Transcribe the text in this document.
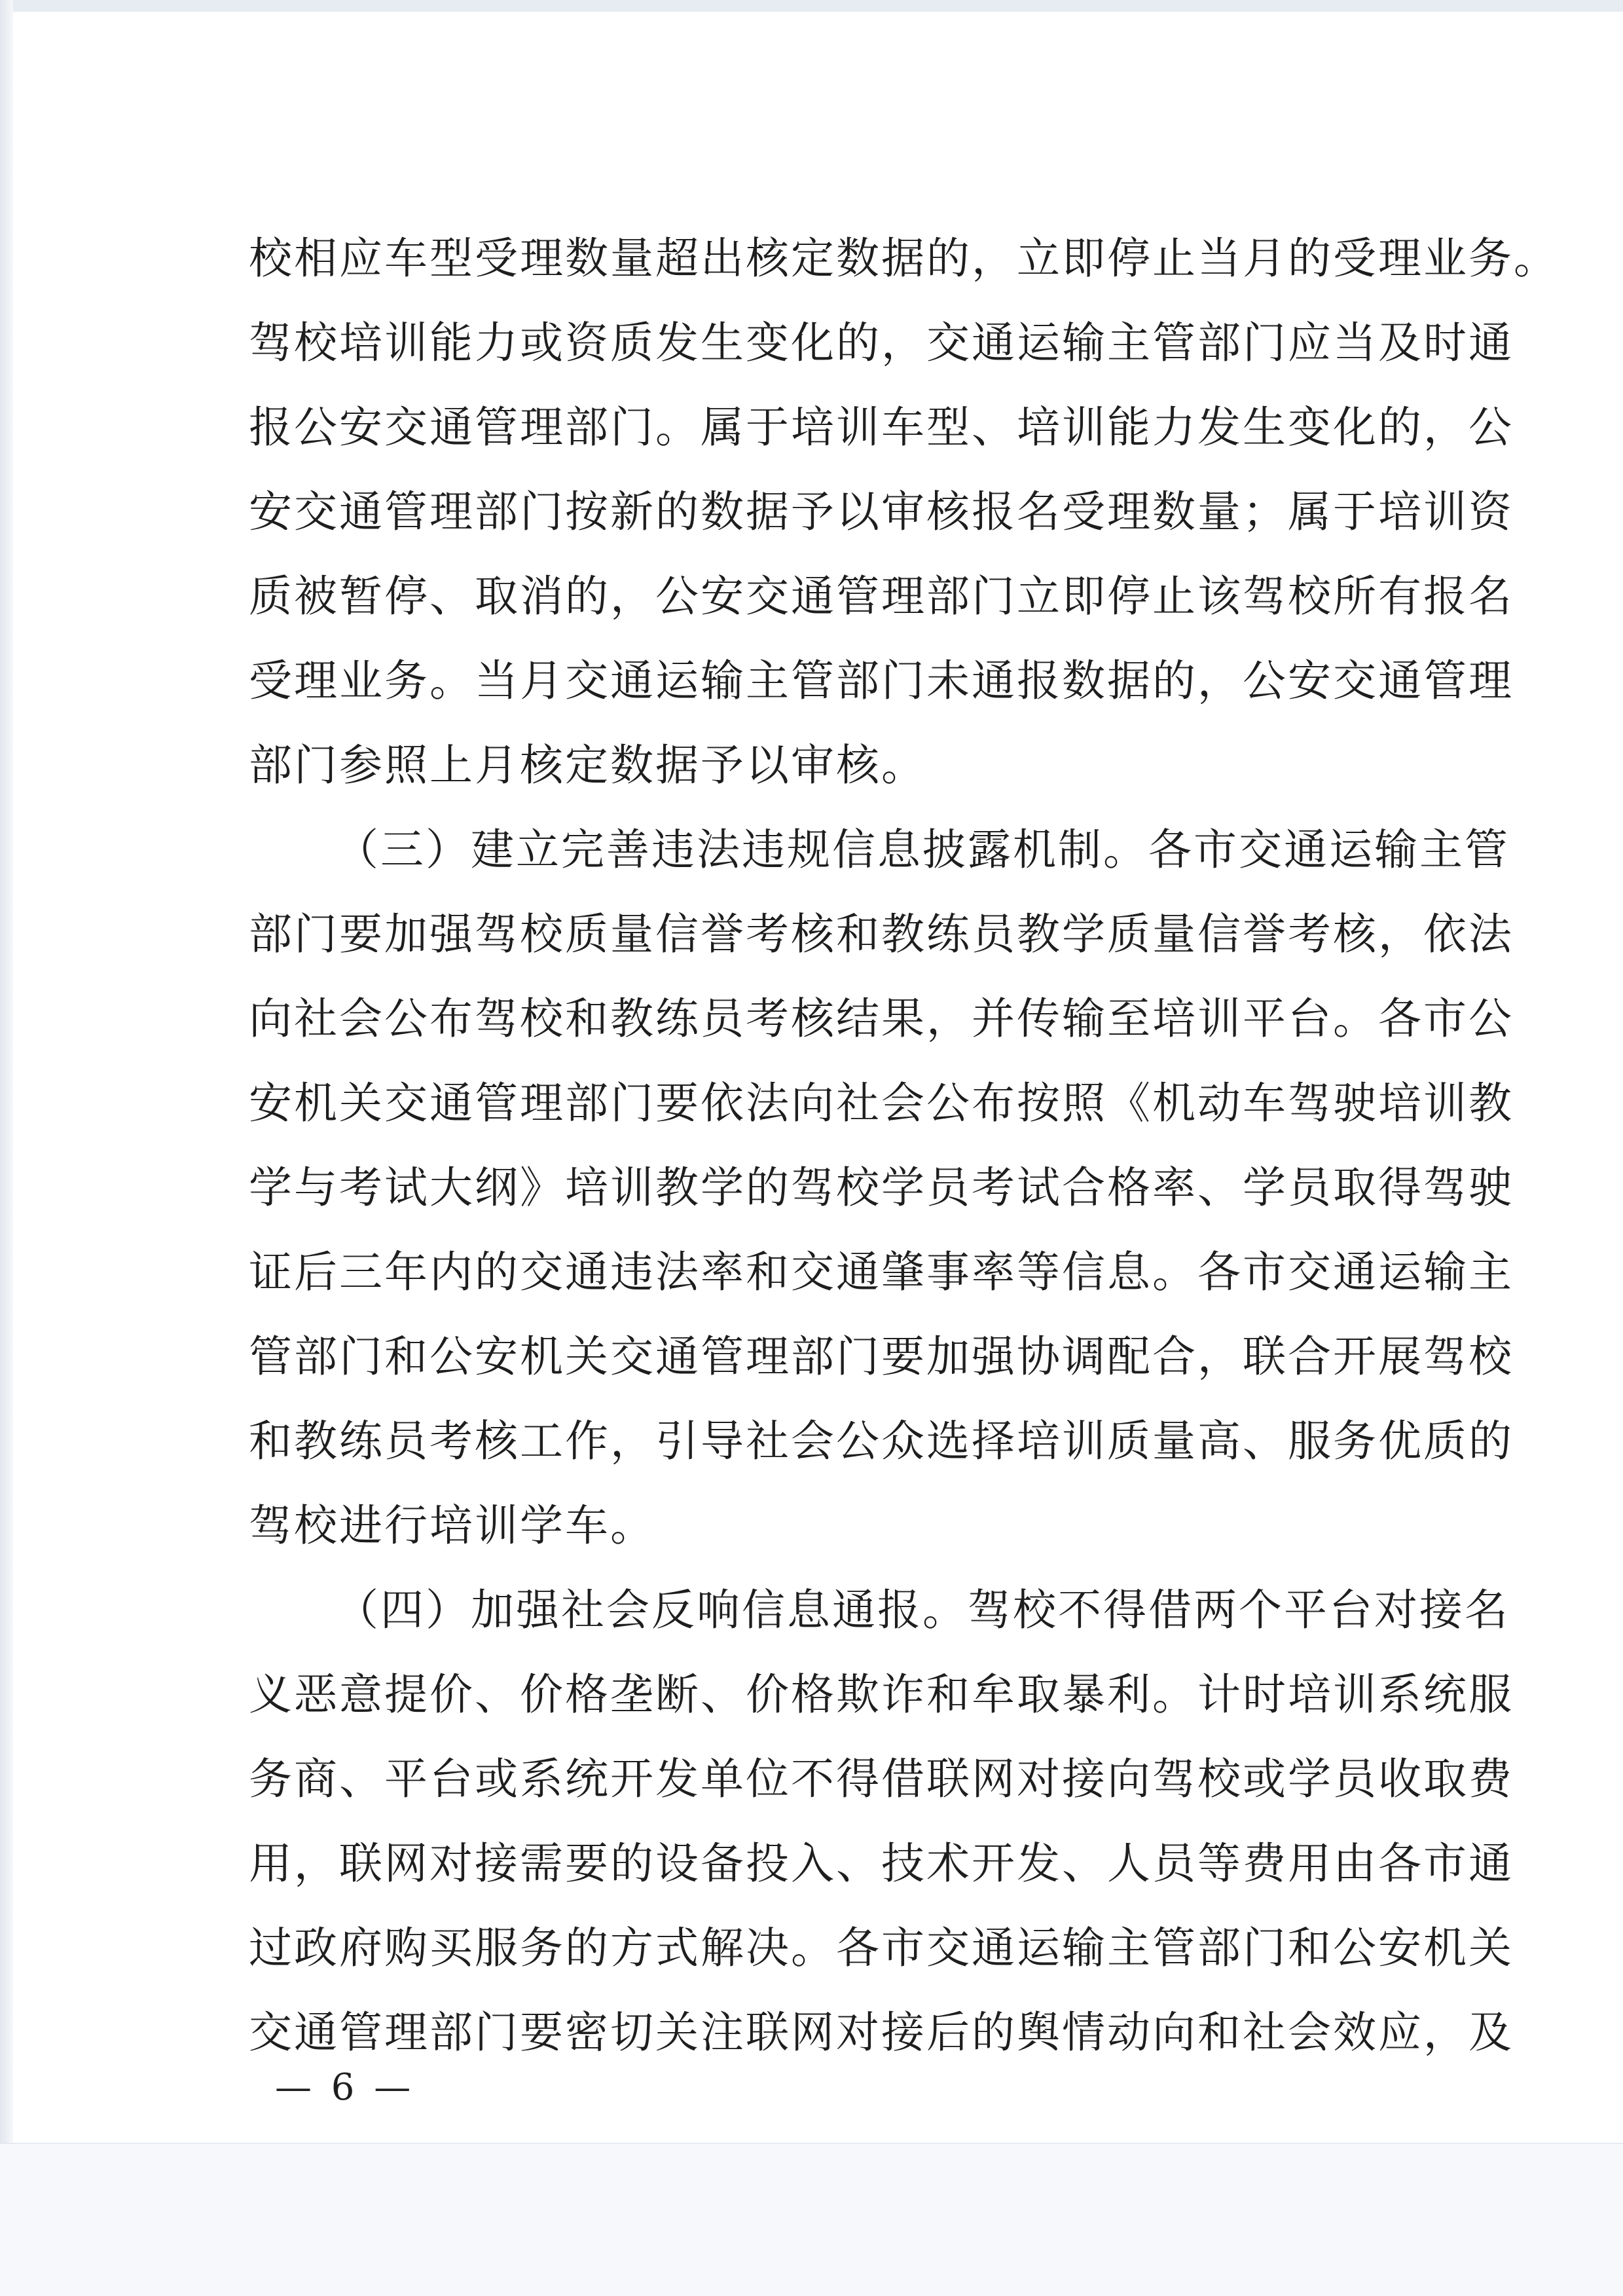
校相应车型受理数量超出核定数据的，立即停止当月的受理业务。
驾校培训能力或资质发生变化的，交通运输主管部门应当及时通
报公安交通管理部门。属于培训车型、培训能力发生变化的，公
安交通管理部门按新的数据予以审核报名受理数量；属于培训资
质被暂停、取消的，公安交通管理部门立即停止该驾校所有报名
受理业务。当月交通运输主管部门未通报数据的，公安交通管理
部门参照上月核定数据予以审核。
（三）建立完善违法违规信息披露机制。各市交通运输主管
部门要加强驾校质量信誉考核和教练员教学质量信誉考核，依法
向社会公布驾校和教练员考核结果，并传输至培训平台。各市公
安机关交通管理部门要依法向社会公布按照《机动车驾驶培训教
学与考试大纲》培训教学的驾校学员考试合格率、学员取得驾驶
证后三年内的交通违法率和交通肇事率等信息。各市交通运输主
管部门和公安机关交通管理部门要加强协调配合，联合开展驾校
和教练员考核工作，引导社会公众选择培训质量高、服务优质的
驾校进行培训学车。
（四）加强社会反响信息通报。驾校不得借两个平台对接名
义恶意提价、价格垄断、价格欺诈和牟取暴利。计时培训系统服
务商、平台或系统开发单位不得借联网对接向驾校或学员收取费
用，联网对接需要的设备投入、技术开发、人员等费用由各市通
过政府购买服务的方式解决。各市交通运输主管部门和公安机关
交通管理部门要密切关注联网对接后的舆情动向和社会效应，及
— 6 —
